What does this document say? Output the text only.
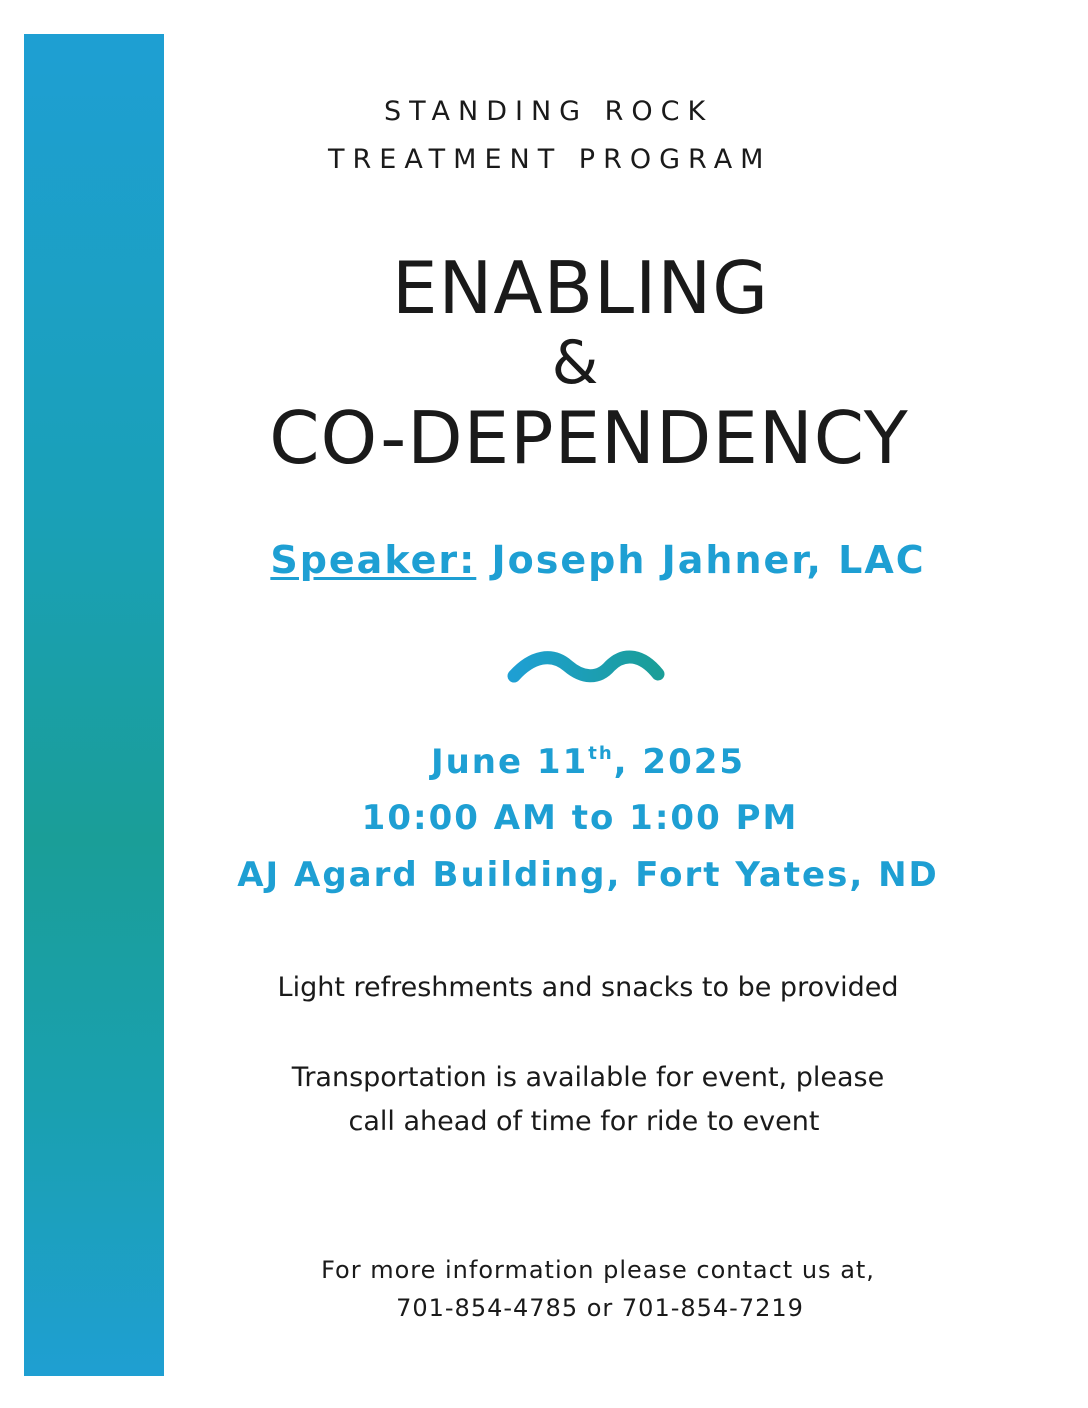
STANDING ROCK
TREATMENT PROGRAM
ENABLING
&
CO-DEPENDENCY
Speaker: Joseph Jahner, LAC
June 11th, 2025
10:00 AM to 1:00 PM
AJ Agard Building, Fort Yates, ND
Light refreshments and snacks to be provided
Transportation is available for event, please
call ahead of time for ride to event
For more information please contact us at,
701-854-4785 or 701-854-7219
